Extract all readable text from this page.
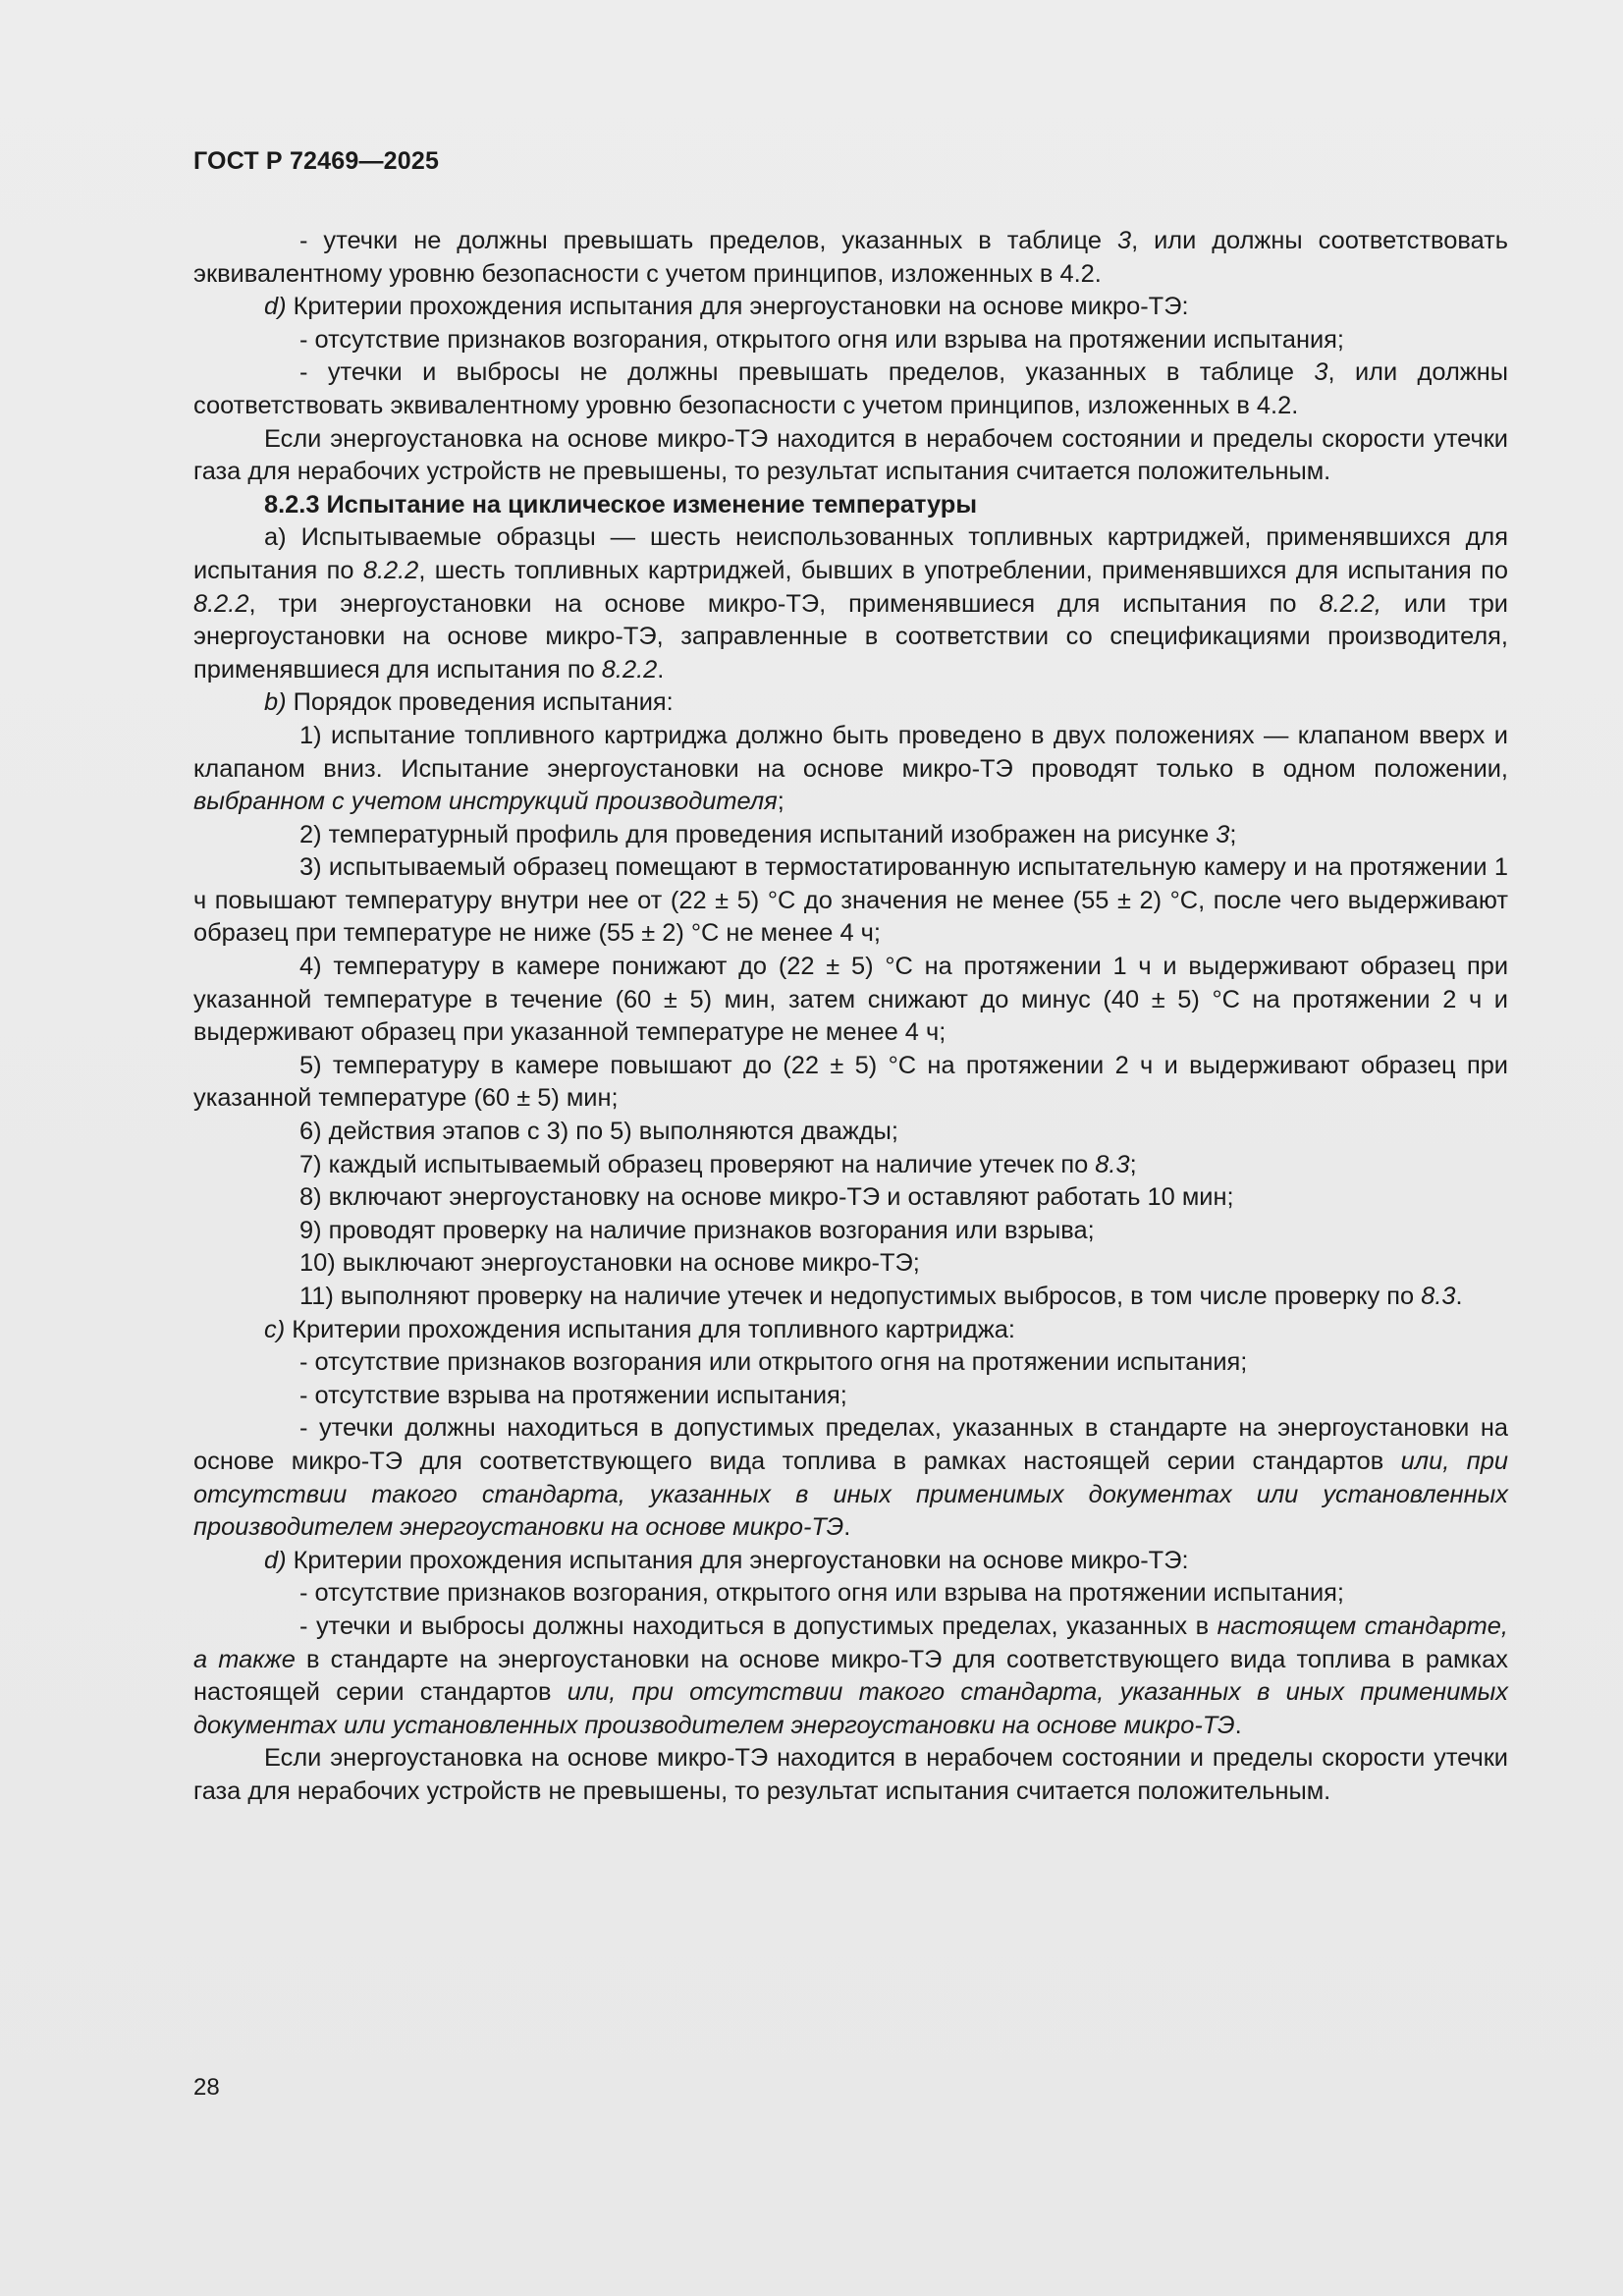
ГОСТ Р 72469—2025

- утечки не должны превышать пределов, указанных в таблице 3, или должны соответствовать эквивалентному уровню безопасности с учетом принципов, изложенных в 4.2.

d) Критерии прохождения испытания для энергоустановки на основе микро-ТЭ:

- отсутствие признаков возгорания, открытого огня или взрыва на протяжении испытания;

- утечки и выбросы не должны превышать пределов, указанных в таблице 3, или должны соответствовать эквивалентному уровню безопасности с учетом принципов, изложенных в 4.2.

Если энергоустановка на основе микро-ТЭ находится в нерабочем состоянии и пределы скорости утечки газа для нерабочих устройств не превышены, то результат испытания считается положительным.

8.2.3 Испытание на циклическое изменение температуры

a) Испытываемые образцы — шесть неиспользованных топливных картриджей, применявшихся для испытания по 8.2.2, шесть топливных картриджей, бывших в употреблении, применявшихся для испытания по 8.2.2, три энергоустановки на основе микро-ТЭ, применявшиеся для испытания по 8.2.2, или три энергоустановки на основе микро-ТЭ, заправленные в соответствии со спецификациями производителя, применявшиеся для испытания по 8.2.2.

b) Порядок проведения испытания:

1) испытание топливного картриджа должно быть проведено в двух положениях — клапаном вверх и клапаном вниз. Испытание энергоустановки на основе микро-ТЭ проводят только в одном положении, выбранном с учетом инструкций производителя;

2) температурный профиль для проведения испытаний изображен на рисунке 3;

3) испытываемый образец помещают в термостатированную испытательную камеру и на протяжении 1 ч повышают температуру внутри нее от (22 ± 5) °С до значения не менее (55 ± 2) °С, после чего выдерживают образец при температуре не ниже (55 ± 2) °С не менее 4 ч;

4) температуру в камере понижают до (22 ± 5) °С на протяжении 1 ч и выдерживают образец при указанной температуре в течение (60 ± 5) мин, затем снижают до минус (40 ± 5) °С на протяжении 2 ч и выдерживают образец при указанной температуре не менее 4 ч;

5) температуру в камере повышают до (22 ± 5) °С на протяжении 2 ч и выдерживают образец при указанной температуре (60 ± 5) мин;

6) действия этапов с 3) по 5) выполняются дважды;

7) каждый испытываемый образец проверяют на наличие утечек по 8.3;

8) включают энергоустановку на основе микро-ТЭ и оставляют работать 10 мин;

9) проводят проверку на наличие признаков возгорания или взрыва;

10) выключают энергоустановки на основе микро-ТЭ;

11) выполняют проверку на наличие утечек и недопустимых выбросов, в том числе проверку по 8.3.

c) Критерии прохождения испытания для топливного картриджа:

- отсутствие признаков возгорания или открытого огня на протяжении испытания;

- отсутствие взрыва на протяжении испытания;

- утечки должны находиться в допустимых пределах, указанных в стандарте на энергоустановки на основе микро-ТЭ для соответствующего вида топлива в рамках настоящей серии стандартов или, при отсутствии такого стандарта, указанных в иных применимых документах или установленных производителем энергоустановки на основе микро-ТЭ.

d) Критерии прохождения испытания для энергоустановки на основе микро-ТЭ:

- отсутствие признаков возгорания, открытого огня или взрыва на протяжении испытания;

- утечки и выбросы должны находиться в допустимых пределах, указанных в настоящем стандарте, а также в стандарте на энергоустановки на основе микро-ТЭ для соответствующего вида топлива в рамках настоящей серии стандартов или, при отсутствии такого стандарта, указанных в иных применимых документах или установленных производителем энергоустановки на основе микро-ТЭ.

Если энергоустановка на основе микро-ТЭ находится в нерабочем состоянии и пределы скорости утечки газа для нерабочих устройств не превышены, то результат испытания считается положительным.

28
